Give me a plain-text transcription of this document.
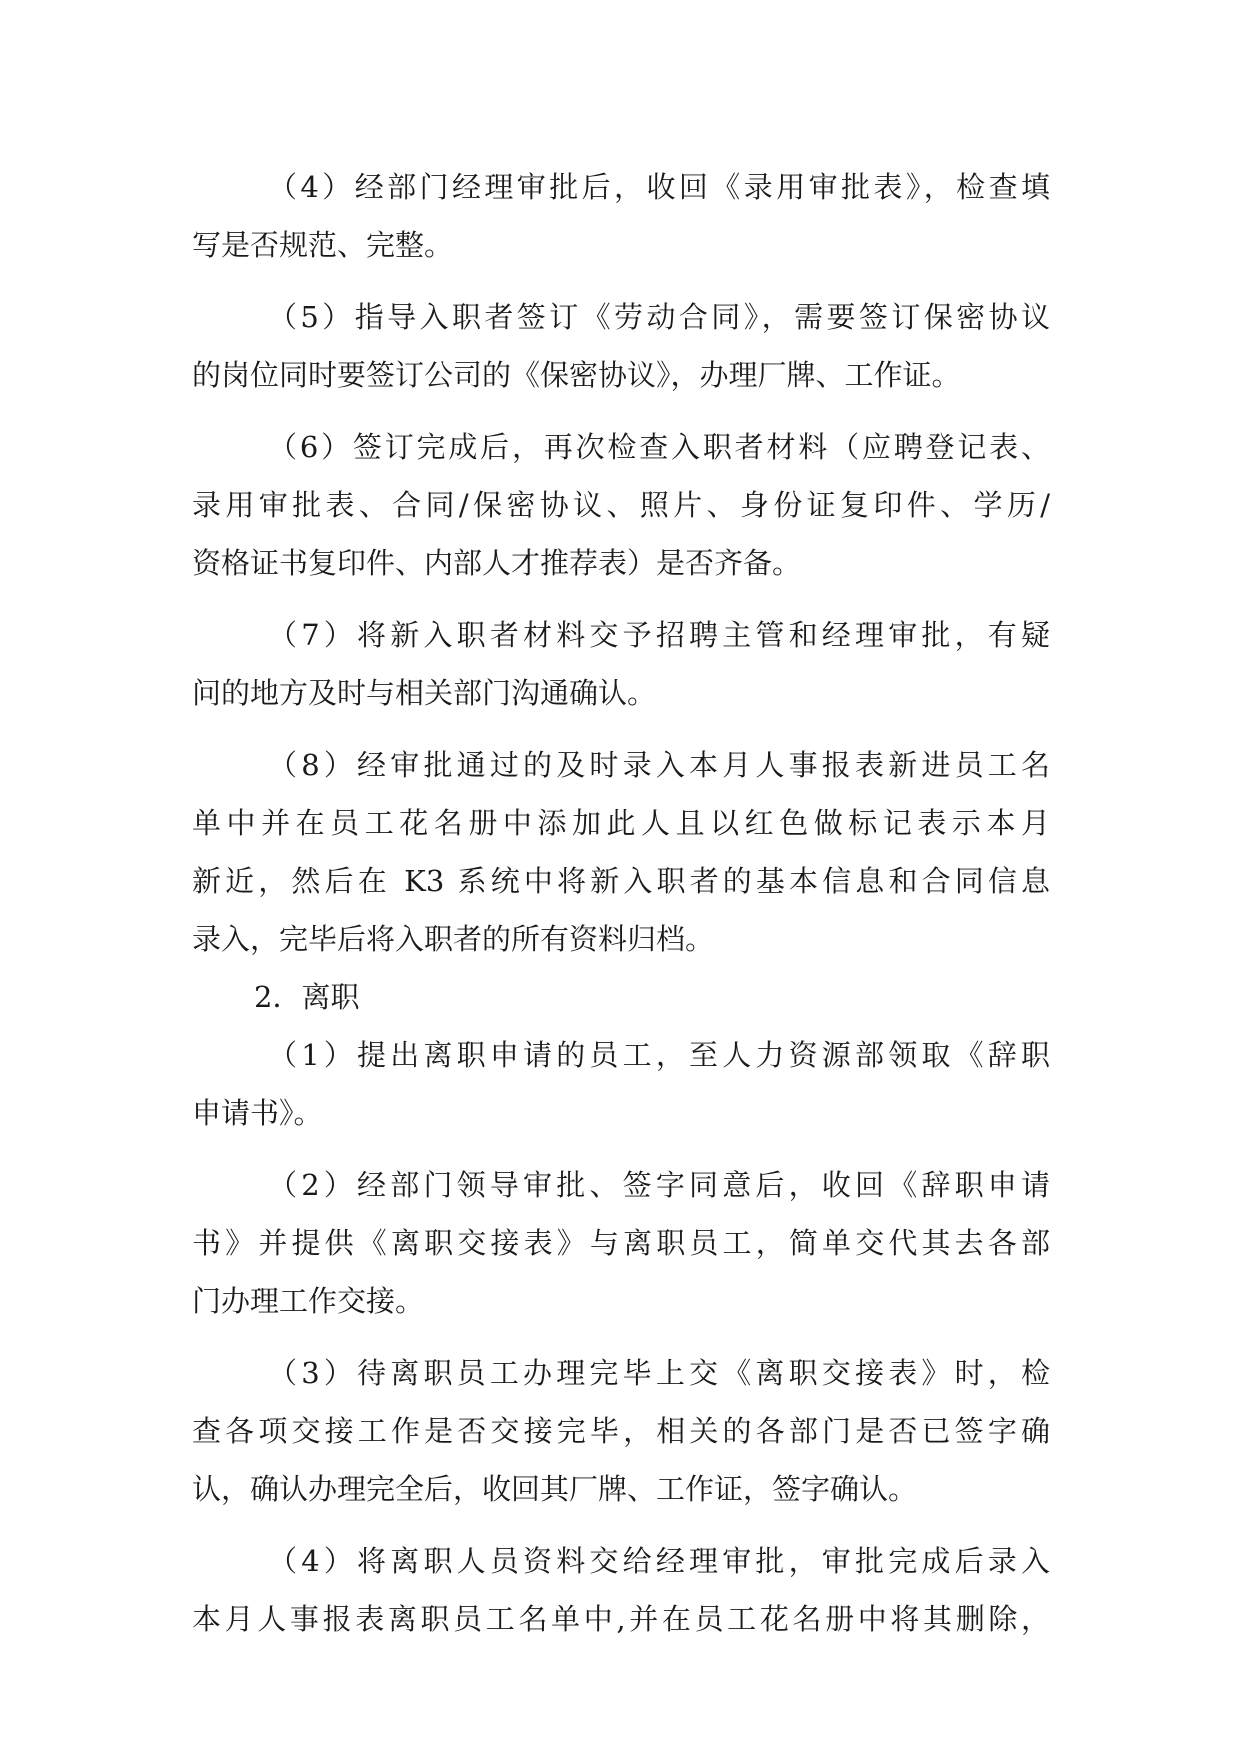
（4）经部门经理审批后，收回《录用审批表》，检查填
写是否规范、完整。
（5）指导入职者签订《劳动合同》，需要签订保密协议
的岗位同时要签订公司的《保密协议》，办理厂牌、工作证。
（6）签订完成后，再次检查入职者材料（应聘登记表、
录用审批表、合同/保密协议、照片、身份证复印件、学历/
资格证书复印件、内部人才推荐表）是否齐备。
（7）将新入职者材料交予招聘主管和经理审批，有疑
问的地方及时与相关部门沟通确认。
（8）经审批通过的及时录入本月人事报表新进员工名
单中并在员工花名册中添加此人且以红色做标记表示本月
新近，然后在 K3 系统中将新入职者的基本信息和合同信息
录入，完毕后将入职者的所有资料归档。
2．离职
（1）提出离职申请的员工，至人力资源部领取《辞职
申请书》。
（2）经部门领导审批、签字同意后，收回《辞职申请
书》并提供《离职交接表》与离职员工，简单交代其去各部
门办理工作交接。
（3）待离职员工办理完毕上交《离职交接表》时，检
查各项交接工作是否交接完毕，相关的各部门是否已签字确
认，确认办理完全后，收回其厂牌、工作证，签字确认。
（4）将离职人员资料交给经理审批，审批完成后录入
本月人事报表离职员工名单中,并在员工花名册中将其删除，
